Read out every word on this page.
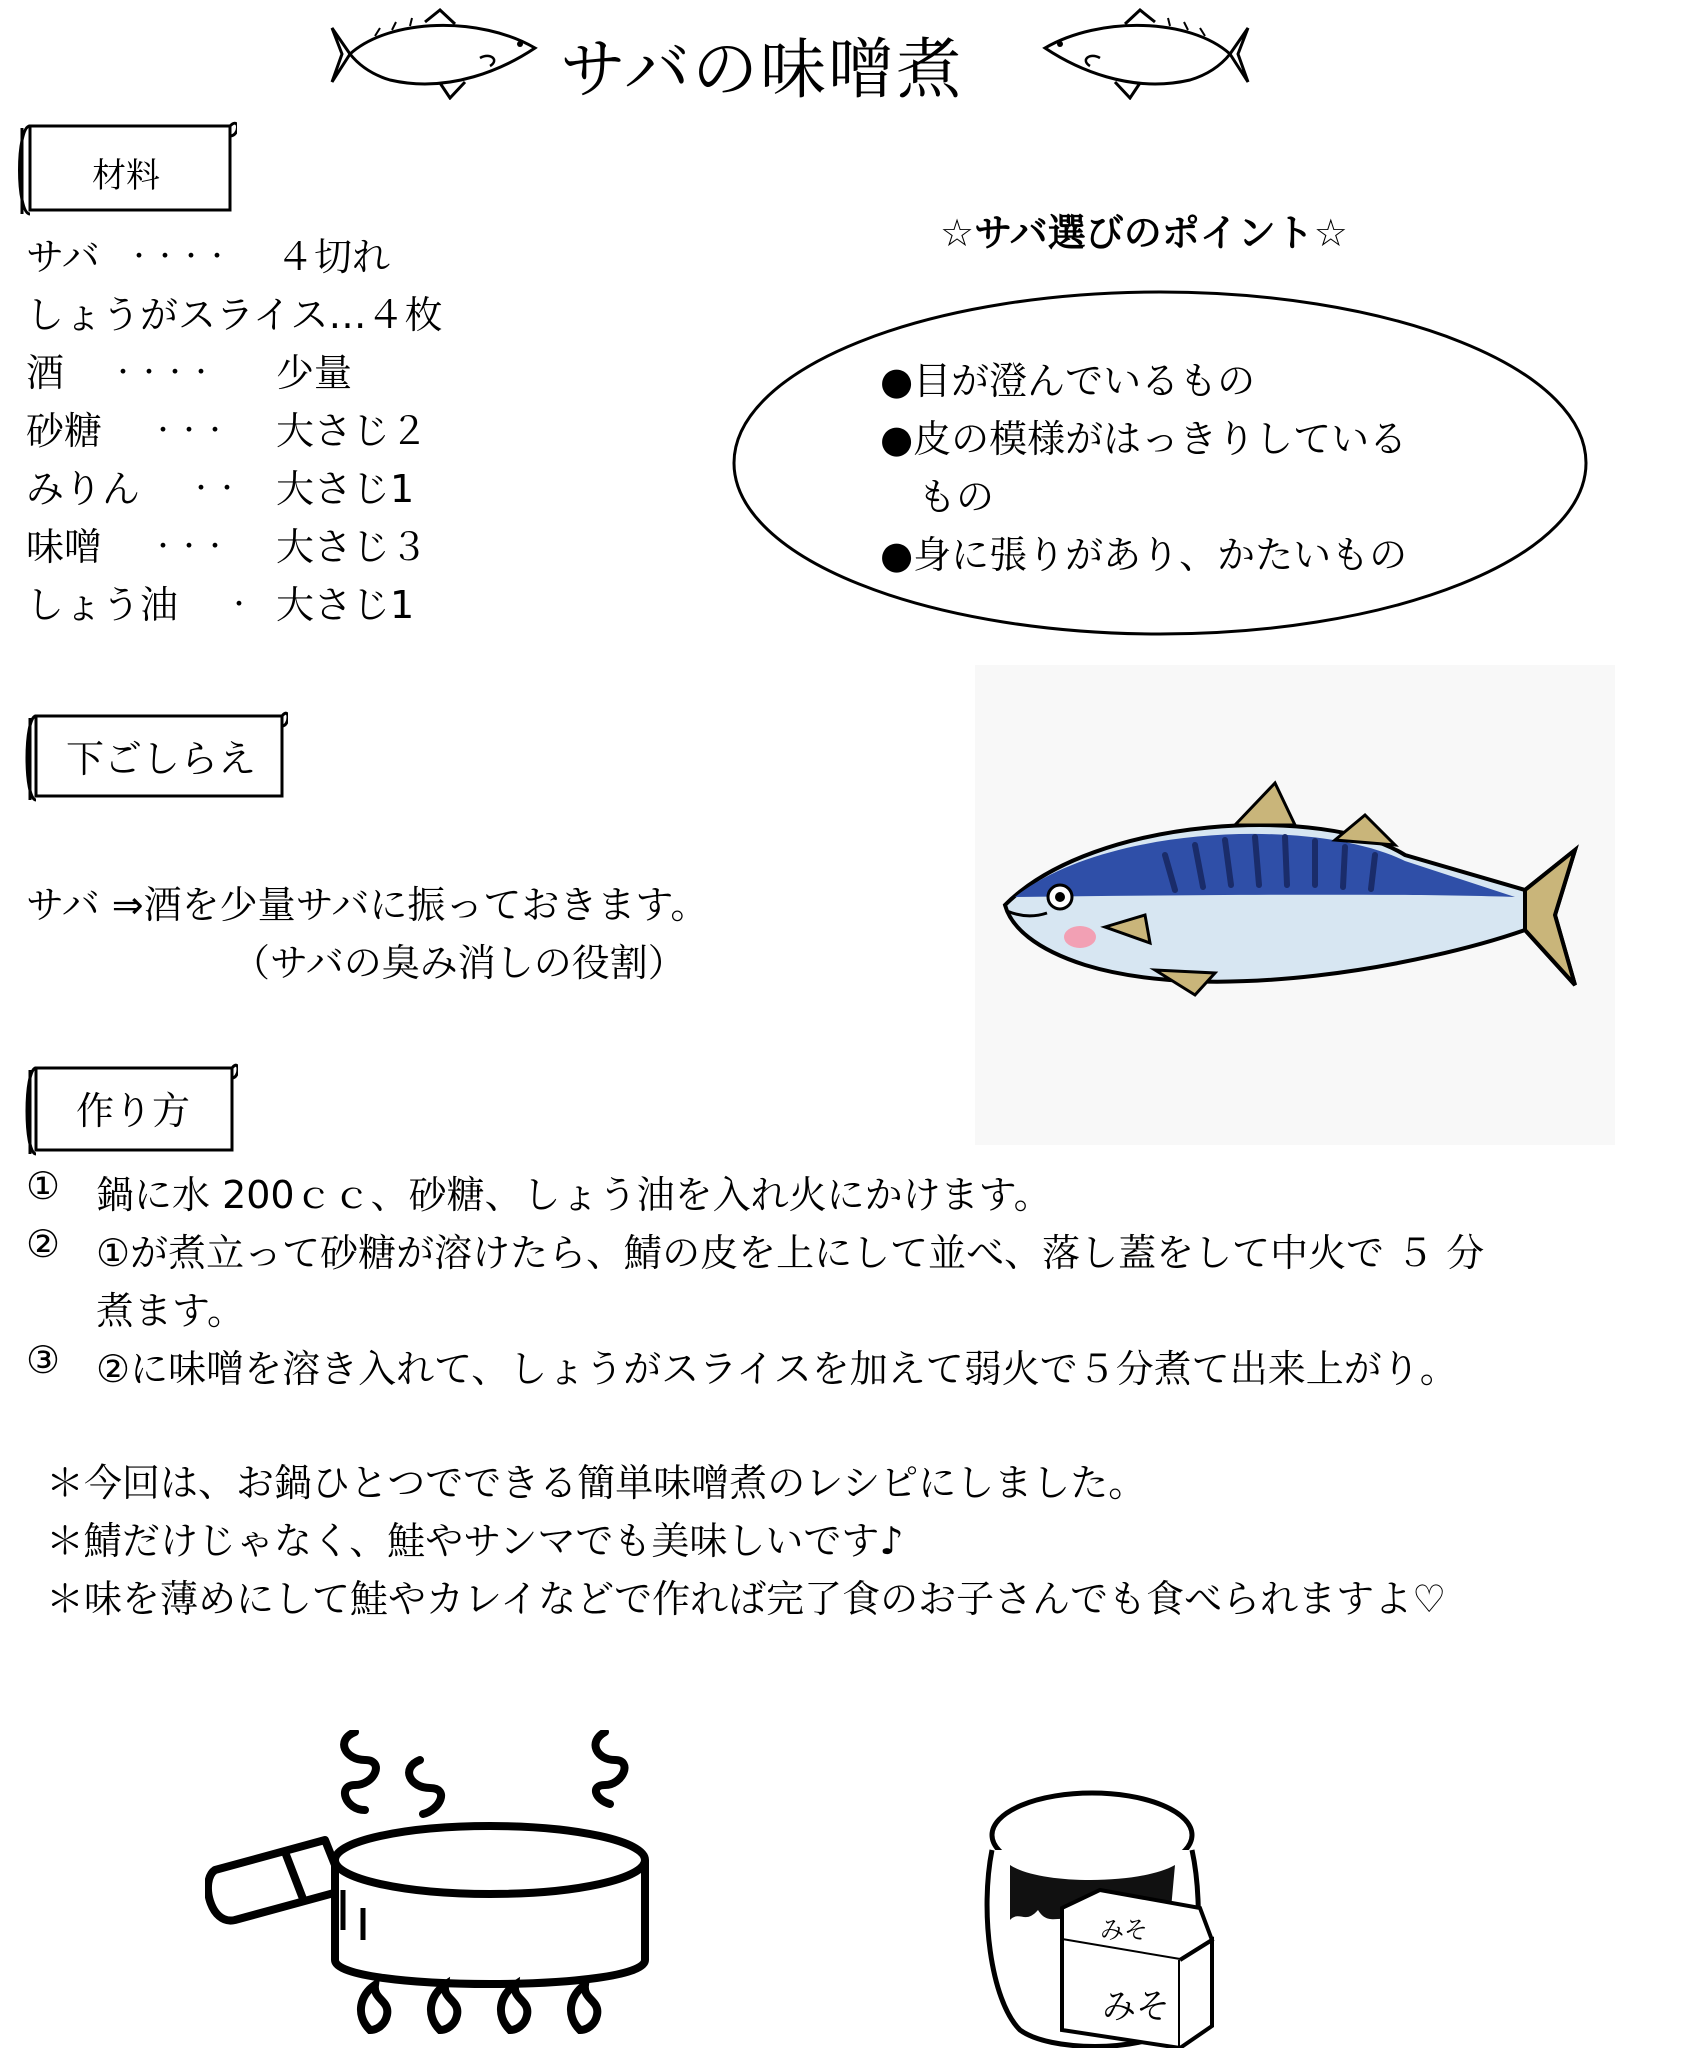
サバの味噌煮
材料
サバ ・・・・ ４切れ
しょうがスライス…４枚
酒 ・・・・ 少量
砂糖 ・・・ 大さじ２
みりん ・・ 大さじ1
味噌 ・・・ 大さじ３
しょう油 ・ 大さじ1
☆サバ選びのポイント☆
●目が澄んでいるもの
●皮の模様がはっきりしている
もの
●身に張りがあり、かたいもの
下ごしらえ
サバ ⇒酒を少量サバに振っておきます。
（サバの臭み消しの役割）
作り方
① 鍋に水 200ｃｃ、砂糖、しょう油を入れ火にかけます。
② ①が煮立って砂糖が溶けたら、鯖の皮を上にして並べ、落し蓋をして中火で ５ 分
煮ます。
③ ②に味噌を溶き入れて、しょうがスライスを加えて弱火で５分煮て出来上がり。
＊今回は、お鍋ひとつでできる簡単味噌煮のレシピにしました。
＊鯖だけじゃなく、鮭やサンマでも美味しいです♪
＊味を薄めにして鮭やカレイなどで作れば完了食のお子さんでも食べられますよ♡
みそ
みそ
